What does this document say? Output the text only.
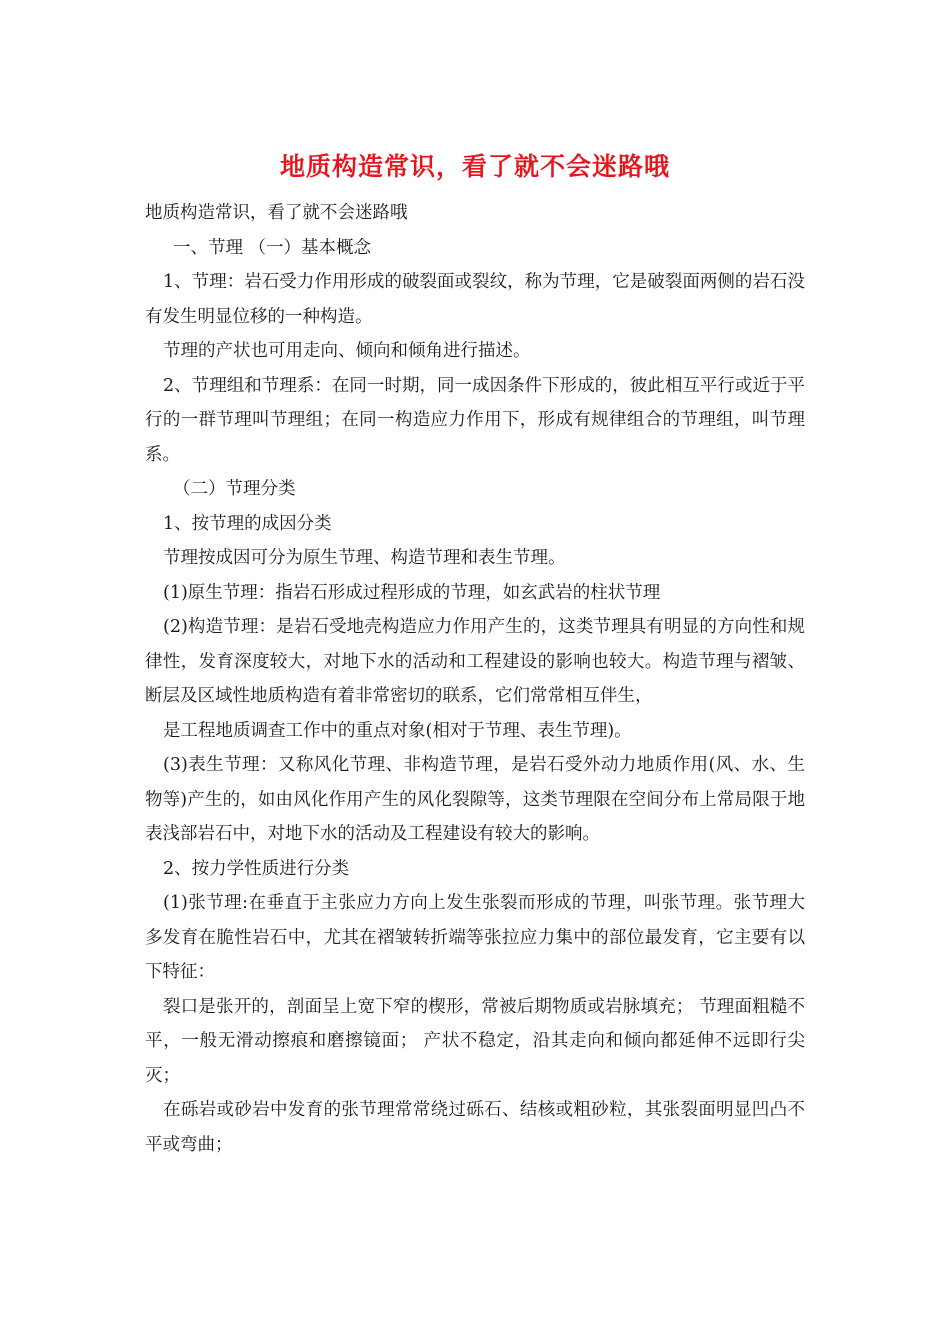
地质构造常识，看了就不会迷路哦

地质构造常识，看了就不会迷路哦

一、节理 （一）基本概念

1、节理：岩石受力作用形成的破裂面或裂纹，称为节理，它是破裂面两侧的岩石没有发生明显位移的一种构造。

节理的产状也可用走向、倾向和倾角进行描述。

2、节理组和节理系：在同一时期，同一成因条件下形成的，彼此相互平行或近于平行的一群节理叫节理组；在同一构造应力作用下，形成有规律组合的节理组，叫节理系。

（二）节理分类

1、按节理的成因分类

节理按成因可分为原生节理、构造节理和表生节理。

(1)原生节理：指岩石形成过程形成的节理，如玄武岩的柱状节理

(2)构造节理：是岩石受地壳构造应力作用产生的，这类节理具有明显的方向性和规律性，发育深度较大，对地下水的活动和工程建设的影响也较大。构造节理与褶皱、断层及区域性地质构造有着非常密切的联系，它们常常相互伴生，

是工程地质调查工作中的重点对象(相对于节理、表生节理)。

(3)表生节理：又称风化节理、非构造节理，是岩石受外动力地质作用(风、水、生物等)产生的，如由风化作用产生的风化裂隙等，这类节理限在空间分布上常局限于地表浅部岩石中，对地下水的活动及工程建设有较大的影响。

2、按力学性质进行分类

(1)张节理:在垂直于主张应力方向上发生张裂而形成的节理，叫张节理。张节理大多发育在脆性岩石中，尤其在褶皱转折端等张拉应力集中的部位最发育，它主要有以下特征：

裂口是张开的，剖面呈上宽下窄的楔形，常被后期物质或岩脉填充； 节理面粗糙不平，一般无滑动擦痕和磨擦镜面； 产状不稳定，沿其走向和倾向都延伸不远即行尖灭；

在砾岩或砂岩中发育的张节理常常绕过砾石、结核或粗砂粒，其张裂面明显凹凸不平或弯曲；
